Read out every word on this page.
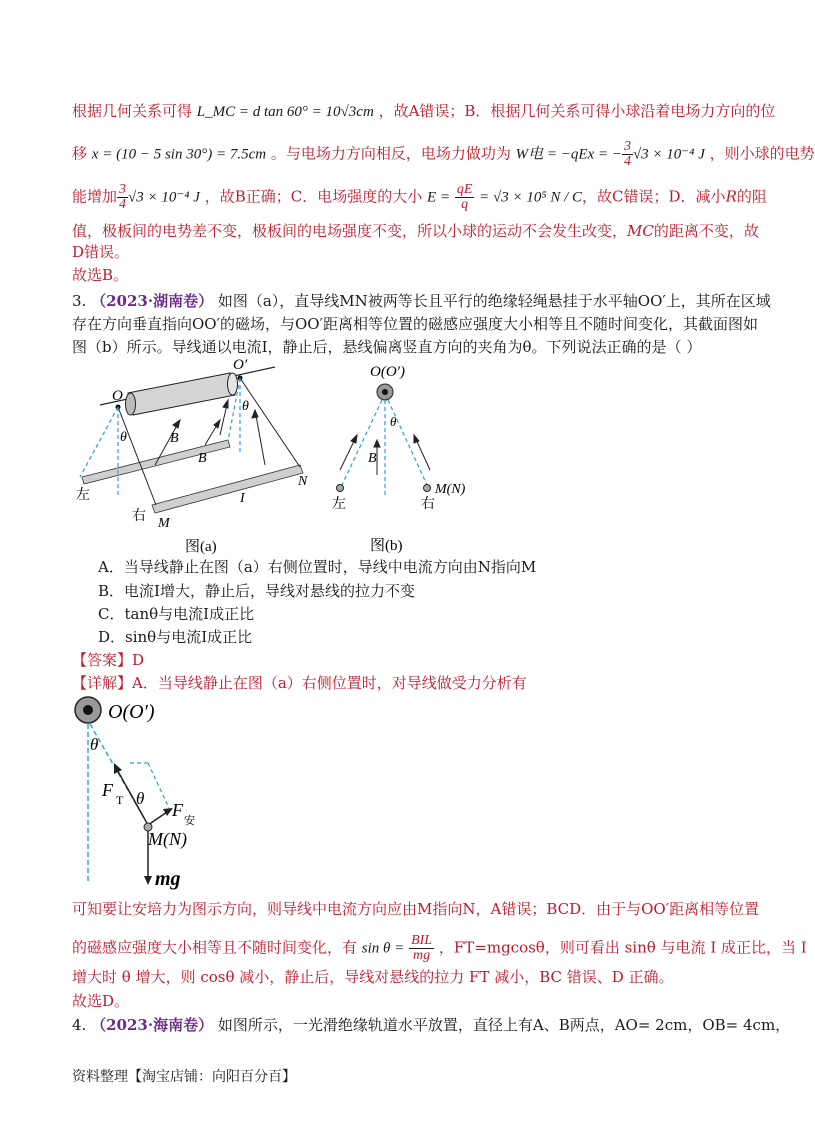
根据几何关系可得 L_MC = d tan 60° = 10√3cm ，故A错误；B．根据几何关系可得小球沿着电场力方向的位
移 x = (10 − 5 sin 30°) = 7.5cm 。与电场力方向相反，电场力做功为 W电 = −qEx = − $\frac{3}{4} √3 \times 10^{-4}$ J ，则小球的电势
能增加 $\frac{3}{4} √3 \times 10^{-4}$ J ，故B正确；C．电场强度的大小 $E = \frac{qE}{q} = √3 \times 10^5$ N / C，故C错误；D．减小R的阻
值，极板间的电势差不变，极板间的电场强度不变，所以小球的运动不会发生改变，MC的距离不变，故
D错误。
故选B。
3. （2023·湖南卷） 如图（a），直导线MN被两等长且平行的绝缘轻绳悬挂于水平轴OO′上，其所在区域
存在方向垂直指向OO′的磁场，与OO′距离相等位置的磁感应强度大小相等且不随时间变化，其截面图如
图（b）所示。导线通以电流I，静止后，悬线偏离竖直方向的夹角为θ。下列说法正确的是（ ）
O
O′
θ
θ
B
B
I
N
M
左
右
图(a)
O(O′)
θ
B
左	右
M(N)
图(b)
A．当导线静止在图（a）右侧位置时，导线中电流方向由N指向M
B．电流I增大，静止后，导线对悬线的拉力不变
C．tanθ与电流I成正比
D．sinθ与电流I成正比
【答案】D
【详解】A．当导线静止在图（a）右侧位置时，对导线做受力分析有
O(O′)
θ
θ
F T	F
安
M(N)
mg
可知要让安培力为图示方向，则导线中电流方向应由M指向N，A错误；BCD．由于与OO′距离相等位置
的磁感应强度大小相等且不随时间变化，有 $\sin \theta = \frac{\text{BIL}}{mg}$ ，FT=mgcosθ，则可看出 sinθ 与电流 I 成正比，当 I
增大时 θ 增大，则 cosθ 减小，静止后，导线对悬线的拉力 FT 减小，BC 错误、D 正确。
故选D。
4. （2023·海南卷） 如图所示，一光滑绝缘轨道水平放置，直径上有A、B两点，AO= 2cm，OB= 4cm，
资料整理【淘宝店铺：向阳百分百】
